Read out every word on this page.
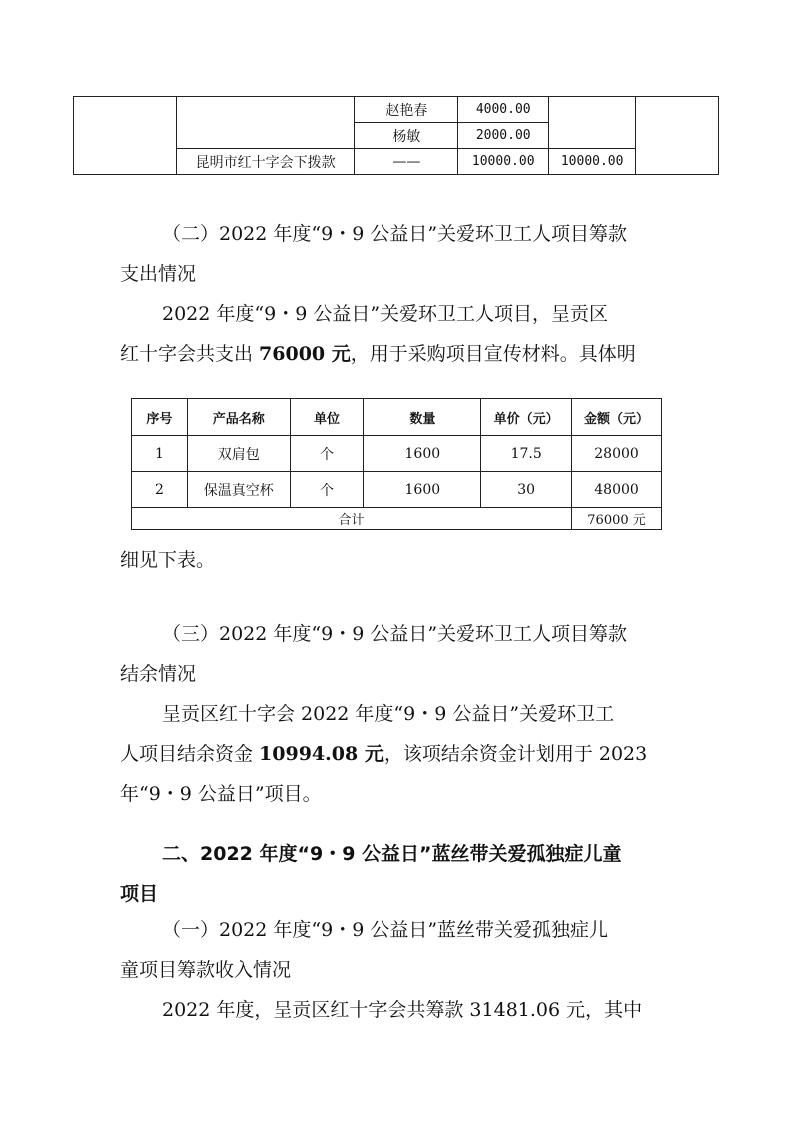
		赵艳春	4000.00		
		杨敏	2000.00		
	昆明市红十字会下拨款	——	10000.00	10000.00	
（二）2022 年度“9・9 公益日”关爱环卫工人项目筹款
支出情况
2022 年度“9・9 公益日”关爱环卫工人项目，呈贡区
红十字会共支出 76000 元，用于采购项目宣传材料。具体明
序号	产品名称	单位	数量	单价（元）	金额（元）
1	双肩包	个	1600	17.5	28000
2	保温真空杯	个	1600	30	48000
合计					76000 元
细见下表。
（三）2022 年度“9・9 公益日”关爱环卫工人项目筹款
结余情况
呈贡区红十字会 2022 年度“9・9 公益日”关爱环卫工
人项目结余资金 10994.08 元，该项结余资金计划用于 2023
年“9・9 公益日”项目。
二、2022 年度“9・9 公益日”蓝丝带关爱孤独症儿童
项目
（一）2022 年度“9・9 公益日”蓝丝带关爱孤独症儿
童项目筹款收入情况
2022 年度，呈贡区红十字会共筹款 31481.06 元，其中
